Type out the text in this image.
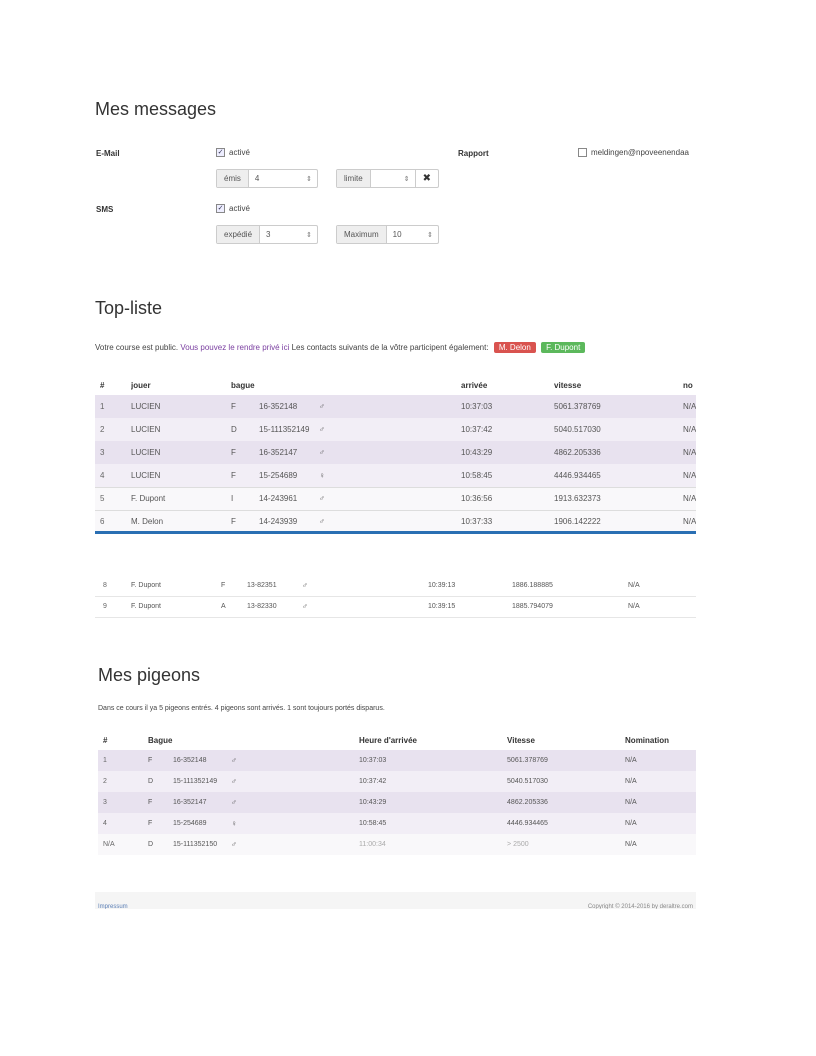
Mes messages
E-Mail	✓ activé
émis	4	⇕	limite	⇕	✖
Rapport	meldingen@npoveenendaa
SMS	✓ activé
expédié	3	⇕	Maximum	10	⇕
Top-liste
Votre course est public. Vous pouvez le rendre privé ici Les contacts suivants de la vôtre participent également: M. Delon F. Dupont
#	jouer	bague			arrivée	vitesse	no
1	LUCIEN	F	16-352148	♂	10:37:03	5061.378769	N/A
2	LUCIEN	D	15-111352149	♂	10:37:42	5040.517030	N/A
3	LUCIEN	F	16-352147	♂	10:43:29	4862.205336	N/A
4	LUCIEN	F	15-254689	♀	10:58:45	4446.934465	N/A
5	F. Dupont	I	14-243961	♂	10:36:56	1913.632373	N/A
6	M. Delon	F	14-243939	♂	10:37:33	1906.142222	N/A
8	F. Dupont	F	13-82351	♂	10:39:13	1886.188885	N/A
9	F. Dupont	A	13-82330	♂	10:39:15	1885.794079	N/A
Mes pigeons
Dans ce cours il ya 5 pigeons entrés. 4 pigeons sont arrivés. 1 sont toujours portés disparus.
#	Bague			Heure d'arrivée	Vitesse	Nomination
1	F	16-352148	♂	10:37:03	5061.378769	N/A
2	D	15-111352149	♂	10:37:42	5040.517030	N/A
3	F	16-352147	♂	10:43:29	4862.205336	N/A
4	F	15-254689	♀	10:58:45	4446.934465	N/A
N/A	D	15-111352150	♂	11:00:34	> 2500	N/A
Impressum	Copyright © 2014-2016 by deraltre.com
